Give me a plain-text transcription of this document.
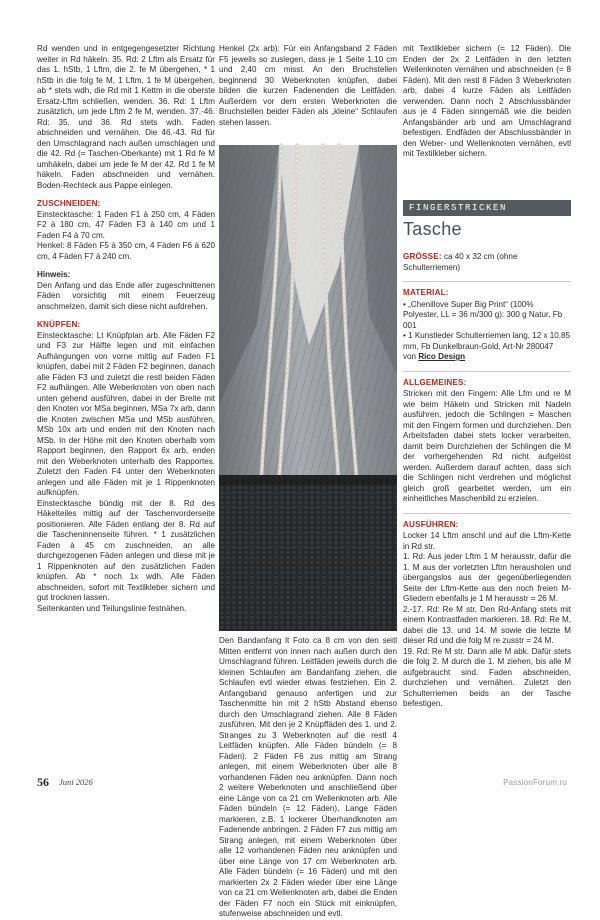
Rd wenden und in entgegengesetzter Richtung weiter in Rd häkeln. 35. Rd: 2 Lftm als Ersatz für das 1. hStb, 1 Lftm, die 2. fe M übergehen, * 1 hStb in die folg fe M, 1 Lftm, 1 fe M übergehen, ab * stets wdh, die Rd mit 1 Kettm in die oberste Ersatz-Lftm schließen, wenden. 36. Rd: 1 Lftm zusätzlich, um jede Lftm 2 fe M, wenden. 37.-46. Rd: 35. und 36. Rd stets wdh. Faden abschneiden und vernähen. Die 46.-43. Rd für den Umschlagrand nach außen umschlagen und die 42. Rd (= Taschen-Oberkante) mit 1 Rd fe M umhäkeln, dabei um jede fe M der 42. Rd 1 fe M häkeln. Faden abschneiden und vernähen. Boden-Rechteck aus Pappe einlegen.

ZUSCHNEIDEN:

Einstecktasche: 1 Faden F1 à 250 cm, 4 Fäden F2 à 180 cm, 47 Fäden F3 à 140 cm und 1 Faden F4 à 70 cm.

Henkel: 8 Fäden F5 à 350 cm, 4 Fäden F6 à 620 cm, 4 Fäden F7 à 240 cm.

Hinweis:

Den Anfang und das Ende aller zugeschnittenen Fäden vorsichtig mit einem Feuerzeug anschmelzen, damit sich diese nicht aufdrehen.

KNÜPFEN:

Einstecktasche: Lt Knüpfplan arb. Alle Fäden F2 und F3 zur Hälfte legen und mit einfachen Aufhängungen von vorne mittig auf Faden F1 knüpfen, dabei mit 2 Fäden F2 beginnen, danach alle Fäden F3 und zuletzt die restl beiden Fäden F2 aufhängen. Alle Weberknoten von oben nach unten gehend ausführen, dabei in der Breite mit den Knoten vor MSa beginnen, MSa 7x arb, dann die Knoten zwischen MSa und MSb ausführen, MSb 10x arb und enden mit den Knoten nach MSb. In der Höhe mit den Knoten oberhalb vom Rapport beginnen, den Rapport 6x arb, enden mit den Weberknoten unterhalb des Rapportes. Zuletzt den Faden F4 unter den Weberknoten anlegen und alle Fäden mit je 1 Rippenknoten aufknüpfen.

Einstecktasche bündig mit der 8. Rd des Häkelteiles mittig auf der Taschenvorderseite positionieren. Alle Fäden entlang der 8. Rd auf die Tascheninnenseite führen. * 1 zusätzlichen Faden à 45 cm zuschneiden, an alle durchgezogenen Fäden anlegen und diese mit je 1 Rippenknoten auf den zusätzlichen Faden knüpfen. Ab * noch 1x wdh. Alle Fäden abschneiden, sofort mit Textilkleber sichern und gut trocknen lassen.

Seitenkanten und Teilungslinie festnähen.

Henkel (2x arb): Für ein Anfangsband 2 Fäden F5 jeweils so zuslegen, dass je 1 Seite 1,10 cm und 2,40 cm misst. An den Bruchstellen beginnend 30 Weberknoten knüpfen, dabei bilden die kurzen Fadenenden die Leitfäden. Außerdem vor dem ersten Weberknoten die Bruchstellen beider Fäden als „kleine“ Schlaufen stehen lassen.

Den Bandanfang lt Foto ca 8 cm von den seitl Mitten entfernt von innen nach außen durch den Umschlagrand führen. Leitfäden jeweils durch die kleinen Schlaufen am Bandanfang ziehen, die Schlaufen evtl wieder etwas festziehen. Ein 2. Anfangsband genauso anfertigen und zur Taschenmitte hin mit 2 hStb Abstand ebenso durch den Umschlagrand ziehen. Alle 8 Fäden zusführen. Mit den je 2 Knüpffäden des 1. und 2. Stranges zu 3 Weberknoten auf die restl 4 Leitfäden knüpfen. Alle Fäden bündeln (= 8 Fäden). 2 Fäden F6 zus mittig am Strang anlegen, mit einem Weberknoten über alle 8 vorhandenen Fäden neu anknüpfen. Dann noch 2 weitere Weberknoten und anschließend über eine Länge von ca 21 cm Wellenknoten arb. Alle Fäden bündeln (= 12 Fäden). Lange Fäden markieren, z.B. 1 lockerer Überhandknoten am Fadenende anbringen. 2 Fäden F7 zus mittig am Strang anlegen, mit einem Weberknoten über alle 12 vorhandenen Fäden neu anknüpfen und über eine Länge von 17 cm Weberknoten arb. Alle Fäden bündeln (= 16 Fäden) und mit den markierten 2x 2 Fäden wieder über eine Länge von ca 21 cm Wellenknoten arb, dabei die Enden der Fäden F7 noch ein Stück mit einknüpfen, stufenweise abschneiden und evtl.

mit Textilkleber sichern (= 12 Fäden). Die Enden der 2x 2 Leitfäden in den letzten Wellenknoten vernähen und abschneiden (= 8 Fäden). Mit den restl 8 Fäden 3 Weberknoten arb, dabei 4 kurze Fäden als Leitfäden verwenden. Dann noch 2 Abschlussbänder aus je 4 Fäden sinngemäß wie die beiden Anfangsbänder arb und am Umschlagrand befestigen. Endfäden der Abschlussbänder in den Weber- und Wellenknoten vernähen, evtl mit Textilkleber sichern.

FINGERSTRICKEN
Tasche

GRÖSSE: ca 40 x 32 cm (ohne Schulterriemen)

MATERIAL:

• „Chenillove Super Big Print“ (100% Polyester, LL = 36 m/300 g): 300 g Natur, Fb 001

• 1 Kunstleder Schulterriemen lang, 12 x 10,85 mm, Fb Dunkelbraun-Gold, Art-Nr 280047

von Rico Design

ALLGEMEINES:

Stricken mit den Fingern: Alle Lfm und re M wie beim Häkeln und Stricken mit Nadeln ausführen, jedoch die Schlingen = Maschen mit den Fingern formen und durchziehen. Den Arbeitsfaden dabei stets locker verarbeiten, damit beim Durchziehen der Schlingen die M der vorhergehenden Rd nicht aufgelöst werden. Außerdem darauf achten, dass sich die Schlingen nicht verdrehen und möglichst gleich groß gearbeitet werden, um ein einheitliches Maschenbild zu erzielen.

AUSFÜHREN:

Locker 14 Lftm anschl und auf die Lftm-Kette in Rd str.

1. Rd: Aus jeder Lftm 1 M herausstr, dafür die 1. M aus der vorletzten Lftm herausholen und übergangslos aus der gegenüberliegenden Seite der Lftm-Kette aus den noch freien M-Gliedern ebenfalls je 1 M herausstr = 26 M.

2.-17. Rd: Re M str. Den Rd-Anfang stets mit einem Kontrastfaden markieren. 18. Rd: Re M, dabei die 13. und 14. M sowie die letzte M dieser Rd und die folg M re zusstr = 24 M.

19. Rd: Re M str. Dann alle M abk. Dafür stets die folg 2. M durch die 1. M ziehen, bis alle M aufgebraucht sind. Faden abschneiden, durchziehen und vernähen. Zuletzt den Schulterriemen beids an der Tasche befestigen.

56 Juni 2026	PassionForum.ru
